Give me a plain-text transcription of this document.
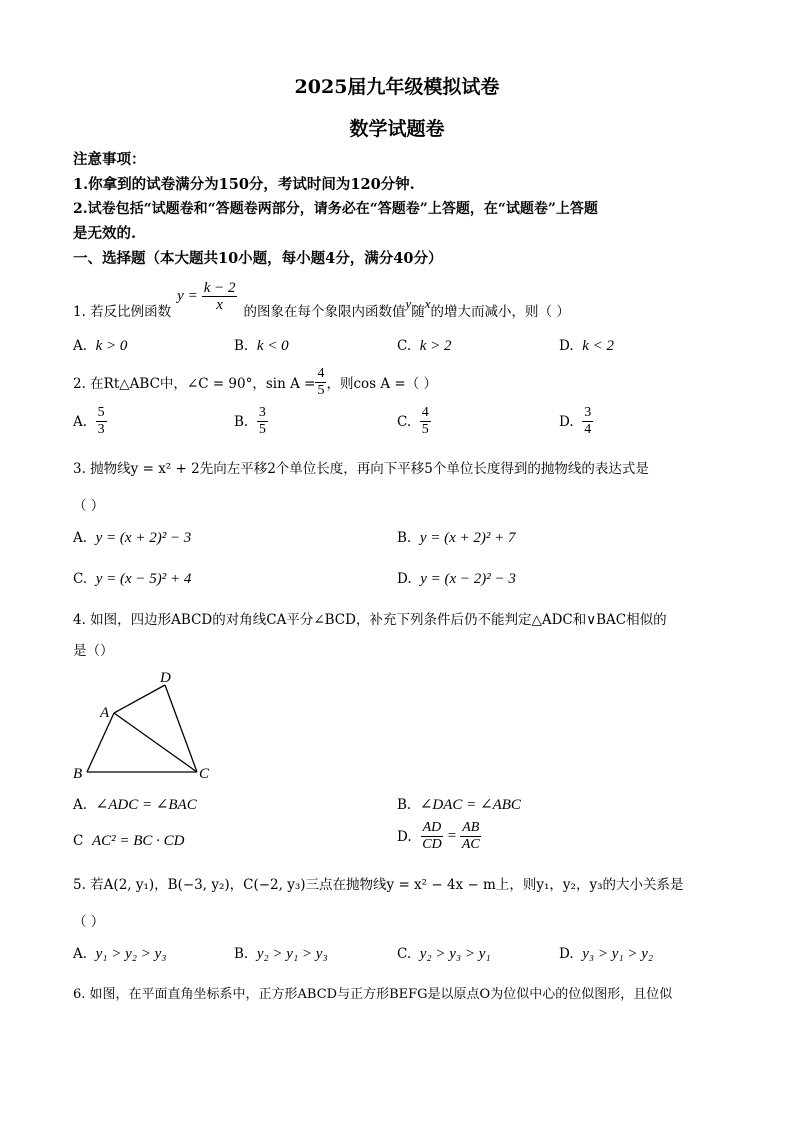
2025届九年级模拟试卷
数学试题卷
注意事项：
1.你拿到的试卷满分为150分，考试时间为120分钟.
2.试卷包括“试题卷和“答题卷两部分，请务必在“答题卷”上答题，在“试题卷”上答题
是无效的.
一、选择题（本大题共10小题，每小题4分，满分40分）
1. 若反比例函数
$y = \frac{k - 2}{x}$ 的图象在每个象限内函数值
y
随
x
的增大而减小，则（ ）
A. k > 0	B. k < 0	C. k > 2	D. k < 2
2. 在Rt△ABC中，∠C = 90°，$\sin A = \frac{4}{5}$ ，则cos A =（ ）
A.
$\frac{5}{3}$	B.
$\frac{3}{5}$	C.
$\frac{4}{5}$	D.
$\frac{3}{4}$
3. 抛物线y = x² + 2先向左平移2个单位长度，再向下平移5个单位长度得到的抛物线的表达式是
（ ）
A. y = (x + 2)² − 3	B. y = (x + 2)² + 7
C. y = (x − 5)² + 4	D. y = (x − 2)² − 3
4. 如图，四边形ABCD的对角线CA平分∠BCD，补充下列条件后仍不能判定△ADC和∨BAC相似的
是（）
A
B	C
D
A. ∠ADC = ∠BAC	B. ∠DAC = ∠ABC
C AC² = BC · CD	D.
$\frac{AD}{CD} = \frac{AB}{AC}$
5. 若A(2, y₁)，B(−3, y₂)，C(−2, y₃)三点在抛物线y = x² − 4x − m上，则y₁，y₂，y₃的大小关系是
（ ）
A. y₁ > y₂ > y₃	B. y₂ > y₁ > y₃	C. y₂ > y₃ > y₁	D. y₃ > y₁ > y₂
6. 如图，在平面直角坐标系中，正方形ABCD与正方形BEFG是以原点O为位似中心的位似图形，且位似
